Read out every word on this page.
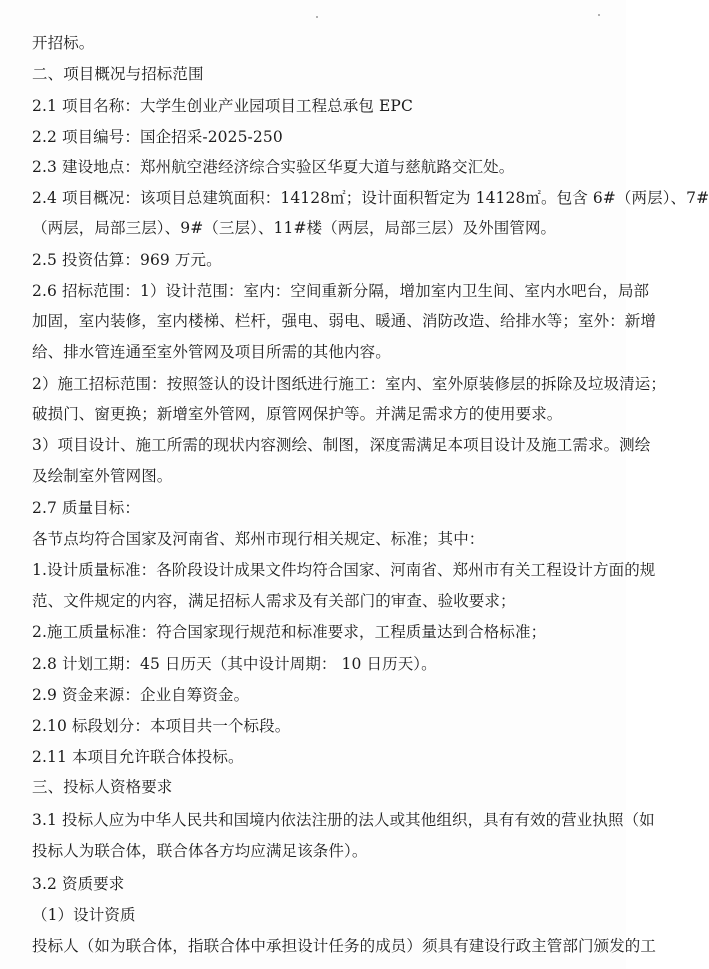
开招标。
二、项目概况与招标范围
2.1 项目名称：大学生创业产业园项目工程总承包 EPC
2.2 项目编号：国企招采-2025-250
2.3 建设地点：郑州航空港经济综合实验区华夏大道与慈航路交汇处。
2.4 项目概况：该项目总建筑面积：14128㎡；设计面积暂定为 14128㎡。包含 6#（两层）、7#
（两层，局部三层）、9#（三层）、11#楼（两层，局部三层）及外围管网。
2.5 投资估算：969 万元。
2.6 招标范围：1）设计范围：室内：空间重新分隔，增加室内卫生间、室内水吧台，局部
加固，室内装修，室内楼梯、栏杆，强电、弱电、暖通、消防改造、给排水等；室外：新增
给、排水管连通至室外管网及项目所需的其他内容。
2）施工招标范围：按照签认的设计图纸进行施工：室内、室外原装修层的拆除及垃圾清运；
破损门、窗更换；新增室外管网，原管网保护等。并满足需求方的使用要求。
3）项目设计、施工所需的现状内容测绘、制图，深度需满足本项目设计及施工需求。测绘
及绘制室外管网图。
2.7 质量目标：
各节点均符合国家及河南省、郑州市现行相关规定、标准；其中：
1.设计质量标准：各阶段设计成果文件均符合国家、河南省、郑州市有关工程设计方面的规
范、文件规定的内容，满足招标人需求及有关部门的审查、验收要求；
2.施工质量标准：符合国家现行规范和标准要求，工程质量达到合格标准；
2.8 计划工期：45 日历天（其中设计周期： 10 日历天）。
2.9 资金来源：企业自筹资金。
2.10 标段划分：本项目共一个标段。
2.11 本项目允许联合体投标。
三、投标人资格要求
3.1 投标人应为中华人民共和国境内依法注册的法人或其他组织，具有有效的营业执照（如
投标人为联合体，联合体各方均应满足该条件）。
3.2 资质要求
（1）设计资质
投标人（如为联合体，指联合体中承担设计任务的成员）须具有建设行政主管部门颁发的工
